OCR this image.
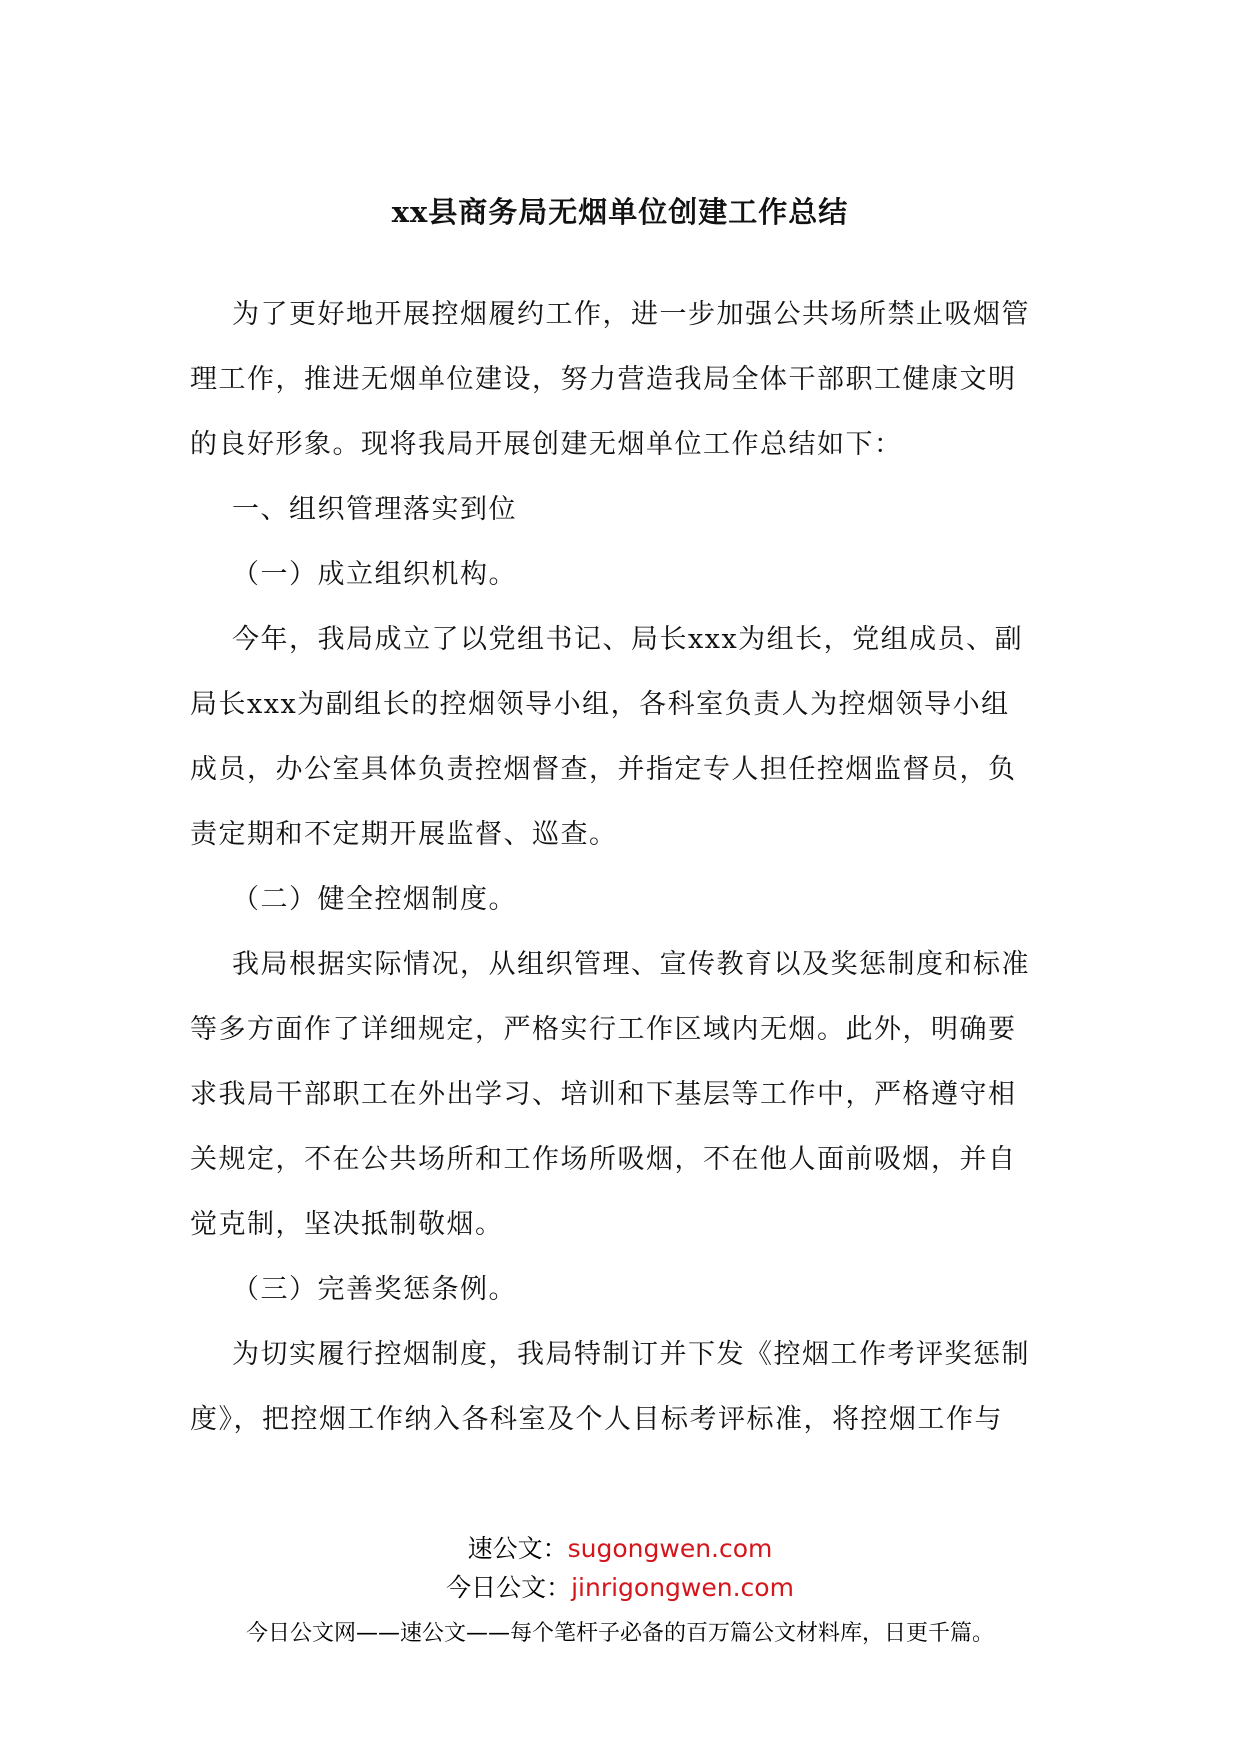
xx县商务局无烟单位创建工作总结
为了更好地开展控烟履约工作，进一步加强公共场所禁止吸烟管
理工作，推进无烟单位建设，努力营造我局全体干部职工健康文明
的良好形象。现将我局开展创建无烟单位工作总结如下：
一、组织管理落实到位
（一）成立组织机构。
今年，我局成立了以党组书记、局长xxx为组长，党组成员、副
局长xxx为副组长的控烟领导小组，各科室负责人为控烟领导小组
成员，办公室具体负责控烟督查，并指定专人担任控烟监督员，负
责定期和不定期开展监督、巡查。
（二）健全控烟制度。
我局根据实际情况，从组织管理、宣传教育以及奖惩制度和标准
等多方面作了详细规定，严格实行工作区域内无烟。此外，明确要
求我局干部职工在外出学习、培训和下基层等工作中，严格遵守相
关规定，不在公共场所和工作场所吸烟，不在他人面前吸烟，并自
觉克制，坚决抵制敬烟。
（三）完善奖惩条例。
为切实履行控烟制度，我局特制订并下发《控烟工作考评奖惩制
度》，把控烟工作纳入各科室及个人目标考评标准，将控烟工作与
速公文：sugongwen.com
今日公文：jinrigongwen.com
今日公文网——速公文——每个笔杆子必备的百万篇公文材料库，日更千篇。
